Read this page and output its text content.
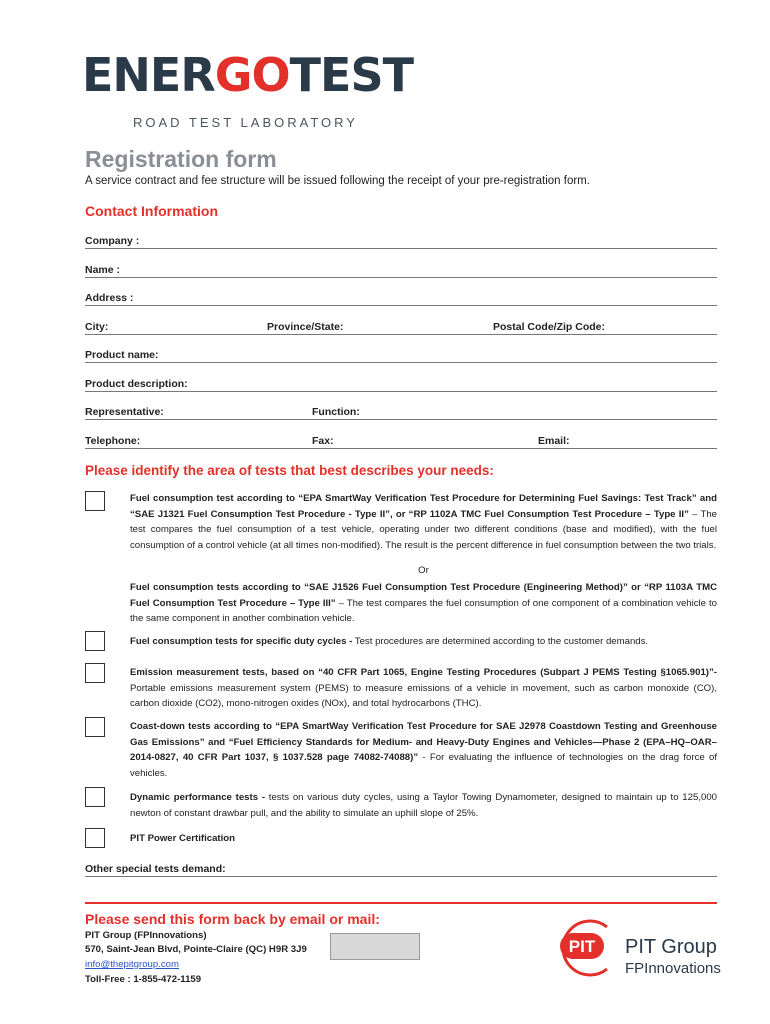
ENERGOTEST
ROAD TEST LABORATORY
Registration form
A service contract and fee structure will be issued following the receipt of your pre-registration form.
Contact Information
Company :
Name :
Address :
City:	Province/State:	Postal Code/Zip Code:
Product name:
Product description:
Representative:	Function:
Telephone:	Fax:	Email:
Please identify the area of tests that best describes your needs:
Fuel consumption test according to “EPA SmartWay Verification Test Procedure for Determining Fuel Savings: Test Track” and “SAE J1321 Fuel Consumption Test Procedure - Type II”, or “RP 1102A TMC Fuel Consumption Test Procedure – Type II” – The test compares the fuel consumption of a test vehicle, operating under two different conditions (base and modified), with the fuel consumption of a control vehicle (at all times non-modified). The result is the percent difference in fuel consumption between the two trials.
Or
Fuel consumption tests according to “SAE J1526 Fuel Consumption Test Procedure (Engineering Method)” or “RP 1103A TMC Fuel Consumption Test Procedure – Type III” – The test compares the fuel consumption of one component of a combination vehicle to the same component in another combination vehicle.
Fuel consumption tests for specific duty cycles - Test procedures are determined according to the customer demands.
Emission measurement tests, based on “40 CFR Part 1065, Engine Testing Procedures (Subpart J PEMS Testing §1065.901)”- Portable emissions measurement system (PEMS) to measure emissions of a vehicle in movement, such as carbon monoxide (CO), carbon dioxide (CO2), mono-nitrogen oxides (NOx), and total hydrocarbons (THC).
Coast-down tests according to “EPA SmartWay Verification Test Procedure for SAE J2978 Coastdown Testing and Greenhouse Gas Emissions” and “Fuel Efficiency Standards for Medium- and Heavy-Duty Engines and Vehicles—Phase 2 (EPA–HQ–OAR–2014-0827, 40 CFR Part 1037, § 1037.528 page 74082-74088)” - For evaluating the influence of technologies on the drag force of vehicles.
Dynamic performance tests - tests on various duty cycles, using a Taylor Towing Dynamometer, designed to maintain up to 125,000 newton of constant drawbar pull, and the ability to simulate an uphill slope of 25%.
PIT Power Certification
Other special tests demand:
Please send this form back by email or mail:
PIT Group (FPInnovations)
570, Saint-Jean Blvd, Pointe-Claire (QC) H9R 3J9
info@thepitgroup.com
Toll-Free : 1-855-472-1159
PIT PIT Group
FPInnovations
